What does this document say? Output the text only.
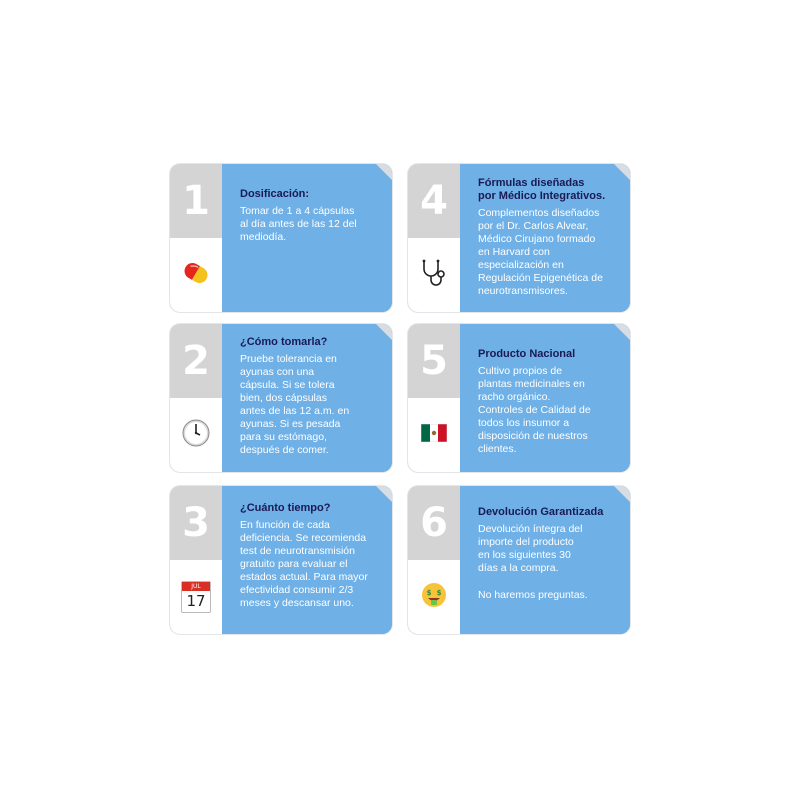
1	Dosificación:
Tomar de 1 a 4 cápsulas
al día antes de las 12 del
mediodía.
2	¿Cómo tomarla?
Pruebe tolerancia en
ayunas con una
cápsula. Si se tolera
bien, dos cápsulas
antes de las 12 a.m. en
ayunas. Si es pesada
para su estómago,
después de comer.
3
JUL
17
¿Cuánto tiempo?
En función de cada
deficiencia. Se recomienda
test de neurotransmisión
gratuito para evaluar el
estados actual. Para mayor
efectividad consumir 2/3
meses y descansar uno.
4	Fórmulas diseñadas
por Médico Integrativos.
Complementos diseñados
por el Dr. Carlos Alvear,
Médico Cirujano formado
en Harvard con
especialización en
Regulación Epigenética de
neurotransmisores.
5	Producto Nacional
Cultivo propios de
plantas medicinales en
racho orgánico.
Controles de Calidad de
todos los insumor a
disposición de nuestros
clientes.
6
$ $
Devolución Garantizada
Devolución íntegra del
importe del producto
en los siguientes 30
días a la compra.
No haremos preguntas.
